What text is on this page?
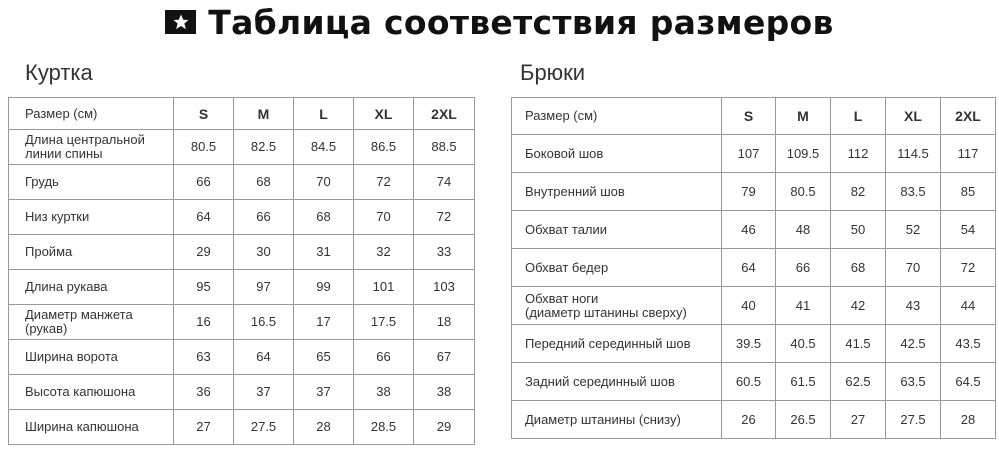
Таблица соответствия размеров
Куртка	Брюки
Размер (см)	S	M	L	XL	2XL
Длина центральной
линии спины	80.5	82.5	84.5	86.5	88.5
Грудь	66	68	70	72	74
Низ куртки	64	66	68	70	72
Пройма	29	30	31	32	33
Длина рукава	95	97	99	101	103
Диаметр манжета
(рукав)	16	16.5	17	17.5	18
Ширина ворота	63	64	65	66	67
Высота капюшона	36	37	37	38	38
Ширина капюшона	27	27.5	28	28.5	29
Размер (см)	S	M	L	XL	2XL
Боковой шов	107	109.5	112	114.5	117
Внутренний шов	79	80.5	82	83.5	85
Обхват талии	46	48	50	52	54
Обхват бедер	64	66	68	70	72
Обхват ноги
(диаметр штанины сверху)	40	41	42	43	44
Передний серединный шов	39.5	40.5	41.5	42.5	43.5
Задний серединный шов	60.5	61.5	62.5	63.5	64.5
Диаметр штанины (снизу)	26	26.5	27	27.5	28
